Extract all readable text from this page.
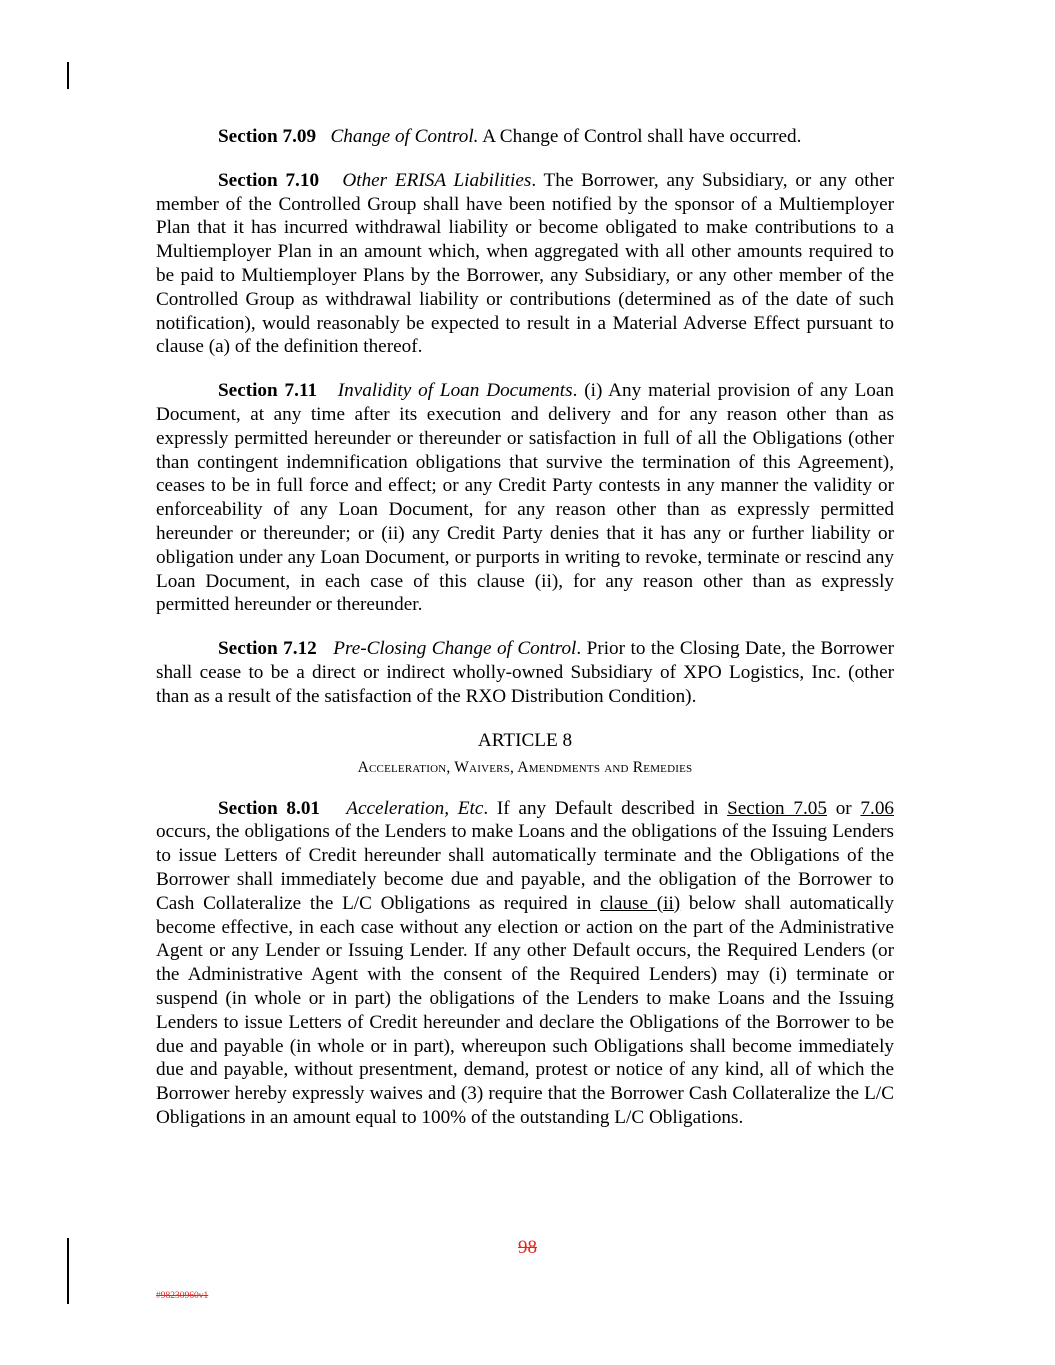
Section 7.09 Change of Control. A Change of Control shall have occurred.

Section 7.10 Other ERISA Liabilities. The Borrower, any Subsidiary, or any other member of the Controlled Group shall have been notified by the sponsor of a Multiemployer Plan that it has incurred withdrawal liability or become obligated to make contributions to a Multiemployer Plan in an amount which, when aggregated with all other amounts required to be paid to Multiemployer Plans by the Borrower, any Subsidiary, or any other member of the Controlled Group as withdrawal liability or contributions (determined as of the date of such notification), would reasonably be expected to result in a Material Adverse Effect pursuant to clause (a) of the definition thereof.

Section 7.11 Invalidity of Loan Documents. (i) Any material provision of any Loan Document, at any time after its execution and delivery and for any reason other than as expressly permitted hereunder or thereunder or satisfaction in full of all the Obligations (other than contingent indemnification obligations that survive the termination of this Agreement), ceases to be in full force and effect; or any Credit Party contests in any manner the validity or enforceability of any Loan Document, for any reason other than as expressly permitted hereunder or thereunder; or (ii) any Credit Party denies that it has any or further liability or obligation under any Loan Document, or purports in writing to revoke, terminate or rescind any Loan Document, in each case of this clause (ii), for any reason other than as expressly permitted hereunder or thereunder.

Section 7.12 Pre-Closing Change of Control. Prior to the Closing Date, the Borrower shall cease to be a direct or indirect wholly-owned Subsidiary of XPO Logistics, Inc. (other than as a result of the satisfaction of the RXO Distribution Condition).

ARTICLE 8
Acceleration, Waivers, Amendments and Remedies

Section 8.01 Acceleration, Etc. If any Default described in Section 7.05 or 7.06 occurs, the obligations of the Lenders to make Loans and the obligations of the Issuing Lenders to issue Letters of Credit hereunder shall automatically terminate and the Obligations of the Borrower shall immediately become due and payable, and the obligation of the Borrower to Cash Collateralize the L/C Obligations as required in clause (ii) below shall automatically become effective, in each case without any election or action on the part of the Administrative Agent or any Lender or Issuing Lender. If any other Default occurs, the Required Lenders (or the Administrative Agent with the consent of the Required Lenders) may (i) terminate or suspend (in whole or in part) the obligations of the Lenders to make Loans and the Issuing Lenders to issue Letters of Credit hereunder and declare the Obligations of the Borrower to be due and payable (in whole or in part), whereupon such Obligations shall become immediately due and payable, without presentment, demand, protest or notice of any kind, all of which the Borrower hereby expressly waives and (3) require that the Borrower Cash Collateralize the L/C Obligations in an amount equal to 100% of the outstanding L/C Obligations.

98
#98230960v1
